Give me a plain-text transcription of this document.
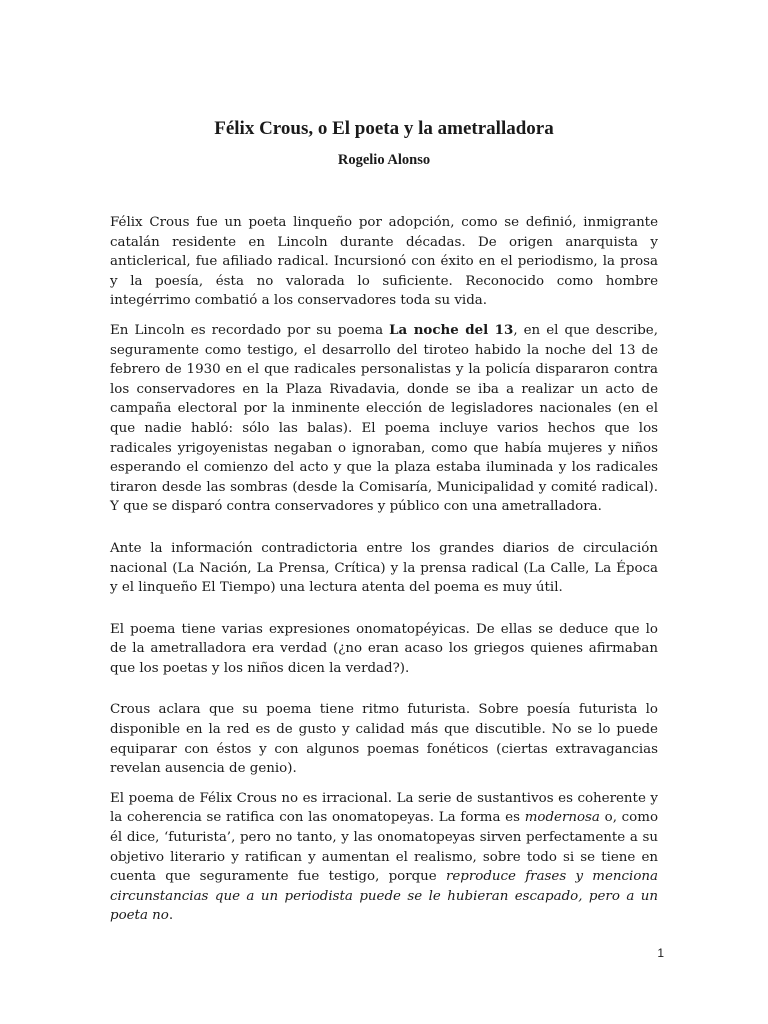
Félix Crous, o El poeta y la ametralladora
Rogelio Alonso

Félix Crous fue un poeta linqueño por adopción, como se definió, inmigrante catalán residente en Lincoln durante décadas. De origen anarquista y anticlerical, fue afiliado radical. Incursionó con éxito en el periodismo, la prosa y la poesía, ésta no valorada lo suficiente. Reconocido como hombre integérrimo combatió a los conservadores toda su vida.

En Lincoln es recordado por su poema La noche del 13, en el que describe, seguramente como testigo, el desarrollo del tiroteo habido la noche del 13 de febrero de 1930 en el que radicales personalistas y la policía dispararon contra los conservadores en la Plaza Rivadavia, donde se iba a realizar un acto de campaña electoral por la inminente elección de legisladores nacionales (en el que nadie habló: sólo las balas). El poema incluye varios hechos que los radicales yrigoyenistas negaban o ignoraban, como que había mujeres y niños esperando el comienzo del acto y que la plaza estaba iluminada y los radicales tiraron desde las sombras (desde la Comisaría, Municipalidad y comité radical). Y que se disparó contra conservadores y público con una ametralladora.

Ante la información contradictoria entre los grandes diarios de circulación nacional (La Nación, La Prensa, Crítica) y la prensa radical (La Calle, La Época y el linqueño El Tiempo) una lectura atenta del poema es muy útil.

El poema tiene varias expresiones onomatopéyicas. De ellas se deduce que lo de la ametralladora era verdad (¿no eran acaso los griegos quienes afirmaban que los poetas y los niños dicen la verdad?).

Crous aclara que su poema tiene ritmo futurista. Sobre poesía futurista lo disponible en la red es de gusto y calidad más que discutible. No se lo puede equiparar con éstos y con algunos poemas fonéticos (ciertas extravagancias revelan ausencia de genio).

El poema de Félix Crous no es irracional. La serie de sustantivos es coherente y la coherencia se ratifica con las onomatopeyas. La forma es modernosa o, como él dice, ‘futurista’, pero no tanto, y las onomatopeyas sirven perfectamente a su objetivo literario y ratifican y aumentan el realismo, sobre todo si se tiene en cuenta que seguramente fue testigo, porque reproduce frases y menciona circunstancias que a un periodista puede se le hubieran escapado, pero a un poeta no.

1
